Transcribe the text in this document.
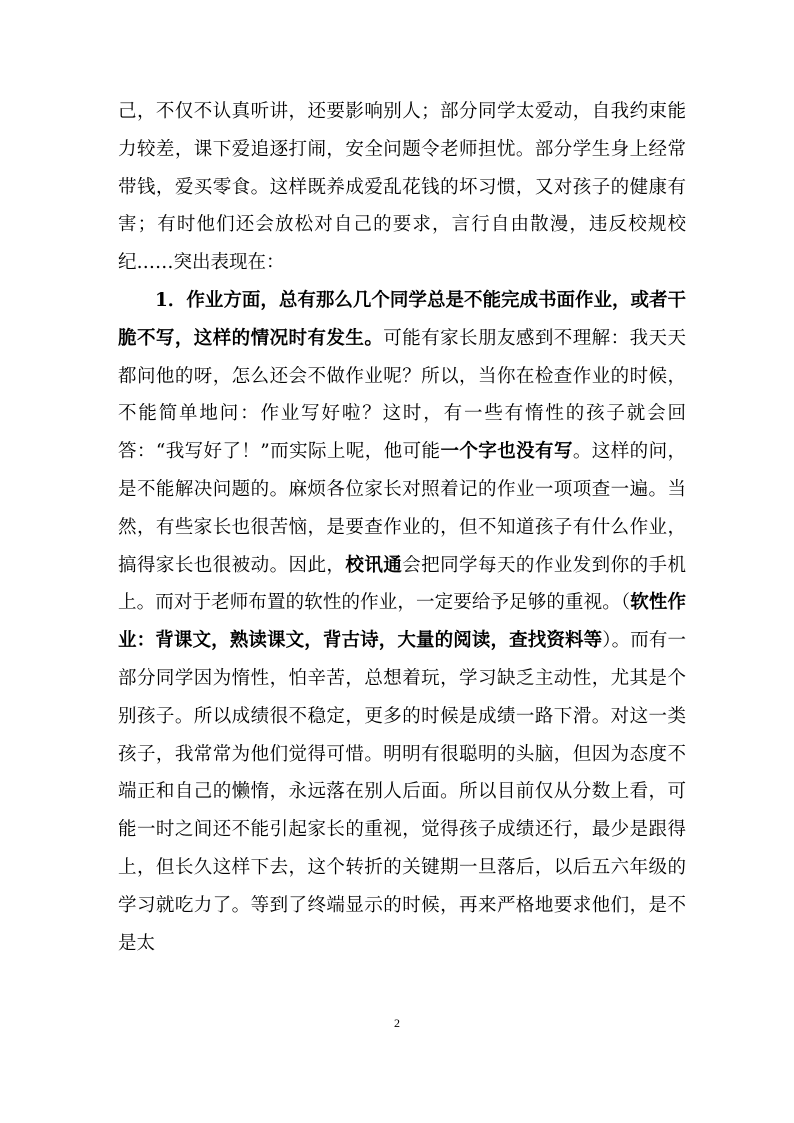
己，不仅不认真听讲，还要影响别人；部分同学太爱动，自我约束能力较差，课下爱追逐打闹，安全问题令老师担忧。部分学生身上经常带钱，爱买零食。这样既养成爱乱花钱的坏习惯，又对孩子的健康有害；有时他们还会放松对自己的要求，言行自由散漫，违反校规校纪……突出表现在：

1．作业方面，总有那么几个同学总是不能完成书面作业，或者干脆不写，这样的情况时有发生。可能有家长朋友感到不理解：我天天都问他的呀，怎么还会不做作业呢？所以，当你在检查作业的时候，不能简单地问：作业写好啦？这时，有一些有惰性的孩子就会回答：“我写好了！”而实际上呢，他可能一个字也没有写。这样的问，是不能解决问题的。麻烦各位家长对照着记的作业一项项查一遍。当然，有些家长也很苦恼，是要查作业的，但不知道孩子有什么作业，搞得家长也很被动。因此，校讯通会把同学每天的作业发到你的手机上。而对于老师布置的软性的作业，一定要给予足够的重视。（软性作业：背课文，熟读课文，背古诗，大量的阅读，查找资料等）。而有一部分同学因为惰性，怕辛苦，总想着玩，学习缺乏主动性，尤其是个别孩子。所以成绩很不稳定，更多的时候是成绩一路下滑。对这一类孩子，我常常为他们觉得可惜。明明有很聪明的头脑，但因为态度不端正和自己的懒惰，永远落在别人后面。所以目前仅从分数上看，可能一时之间还不能引起家长的重视，觉得孩子成绩还行，最少是跟得上，但长久这样下去，这个转折的关键期一旦落后，以后五六年级的学习就吃力了。等到了终端显示的时候，再来严格地要求他们，是不是太

2
